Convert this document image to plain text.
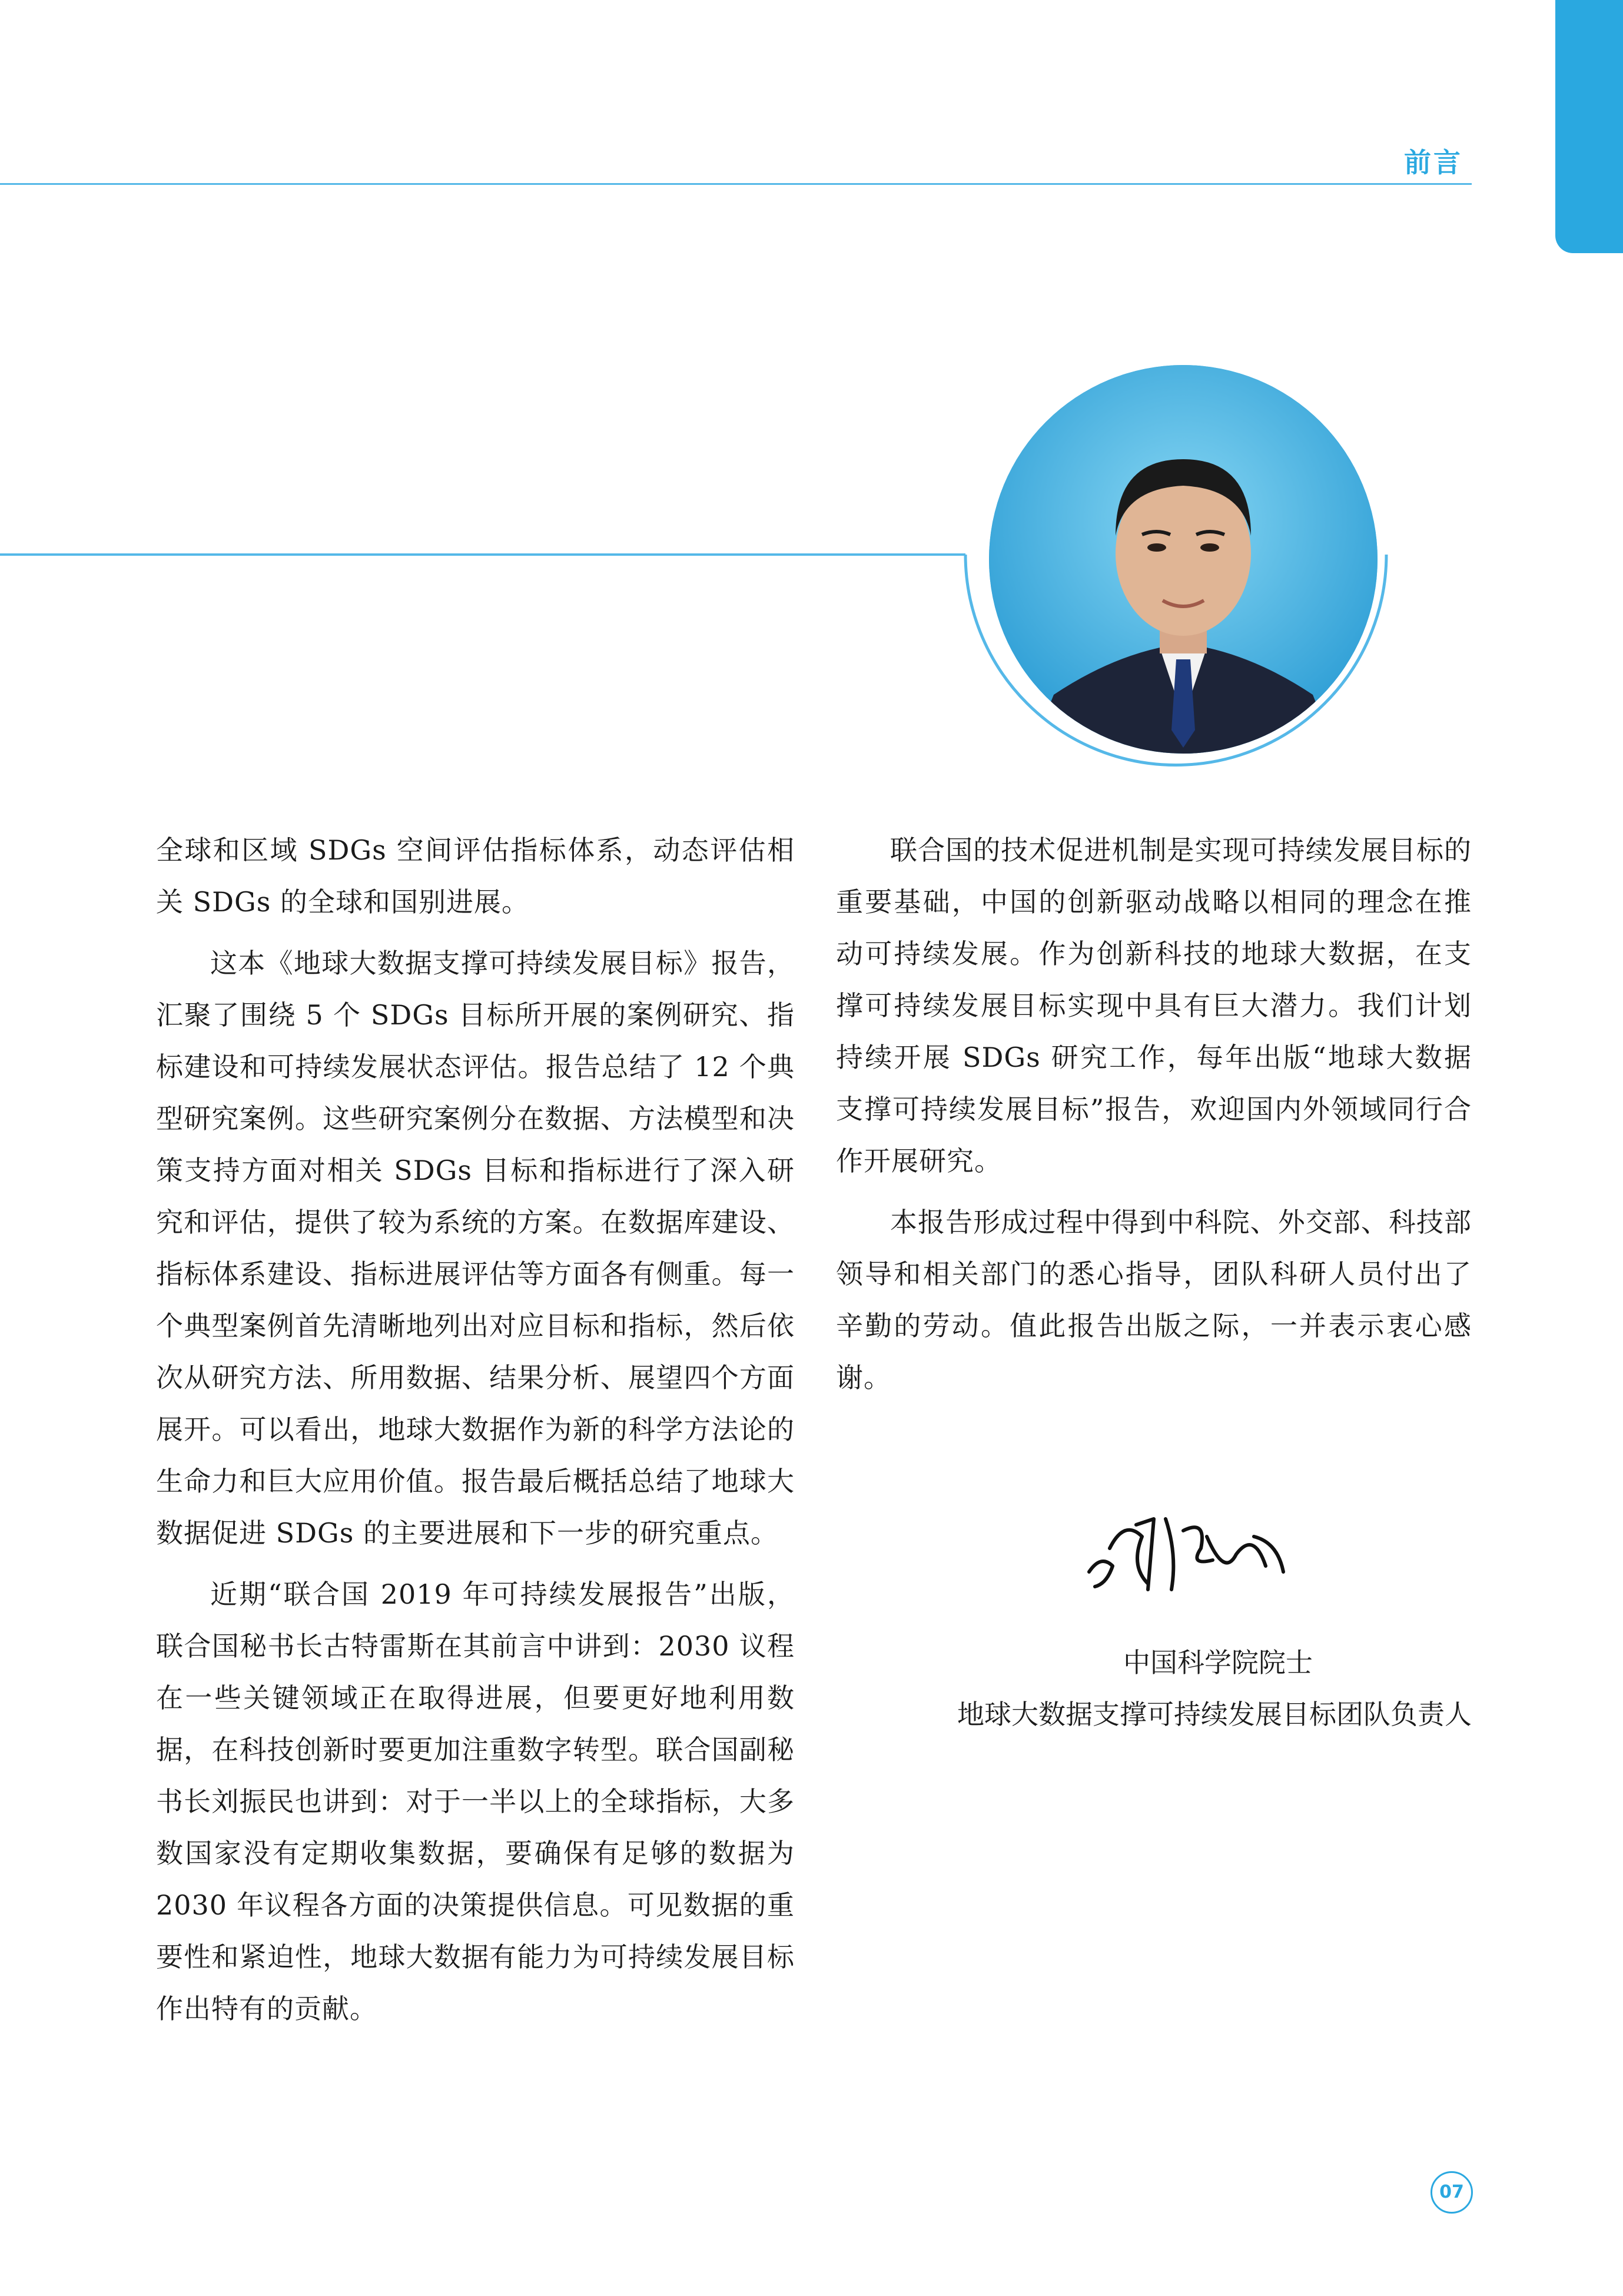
前言

全球和区域 SDGs 空间评估指标体系，动态评估相关 SDGs 的全球和国别进展。

这本《地球大数据支撑可持续发展目标》报告，汇聚了围绕 5 个 SDGs 目标所开展的案例研究、指标建设和可持续发展状态评估。报告总结了 12 个典型研究案例。这些研究案例分在数据、方法模型和决策支持方面对相关 SDGs 目标和指标进行了深入研究和评估，提供了较为系统的方案。在数据库建设、指标体系建设、指标进展评估等方面各有侧重。每一个典型案例首先清晰地列出对应目标和指标，然后依次从研究方法、所用数据、结果分析、展望四个方面展开。可以看出，地球大数据作为新的科学方法论的生命力和巨大应用价值。报告最后概括总结了地球大数据促进 SDGs 的主要进展和下一步的研究重点。

近期“联合国 2019 年可持续发展报告”出版，联合国秘书长古特雷斯在其前言中讲到：2030 议程在一些关键领域正在取得进展，但要更好地利用数据，在科技创新时要更加注重数字转型。联合国副秘书长刘振民也讲到：对于一半以上的全球指标，大多数国家没有定期收集数据，要确保有足够的数据为 2030 年议程各方面的决策提供信息。可见数据的重要性和紧迫性，地球大数据有能力为可持续发展目标作出特有的贡献。

联合国的技术促进机制是实现可持续发展目标的重要基础，中国的创新驱动战略以相同的理念在推动可持续发展。作为创新科技的地球大数据，在支撑可持续发展目标实现中具有巨大潜力。我们计划持续开展 SDGs 研究工作，每年出版“地球大数据支撑可持续发展目标”报告，欢迎国内外领域同行合作开展研究。

本报告形成过程中得到中科院、外交部、科技部领导和相关部门的悉心指导，团队科研人员付出了辛勤的劳动。值此报告出版之际，一并表示衷心感谢。

中国科学院院士
地球大数据支撑可持续发展目标团队负责人
07
